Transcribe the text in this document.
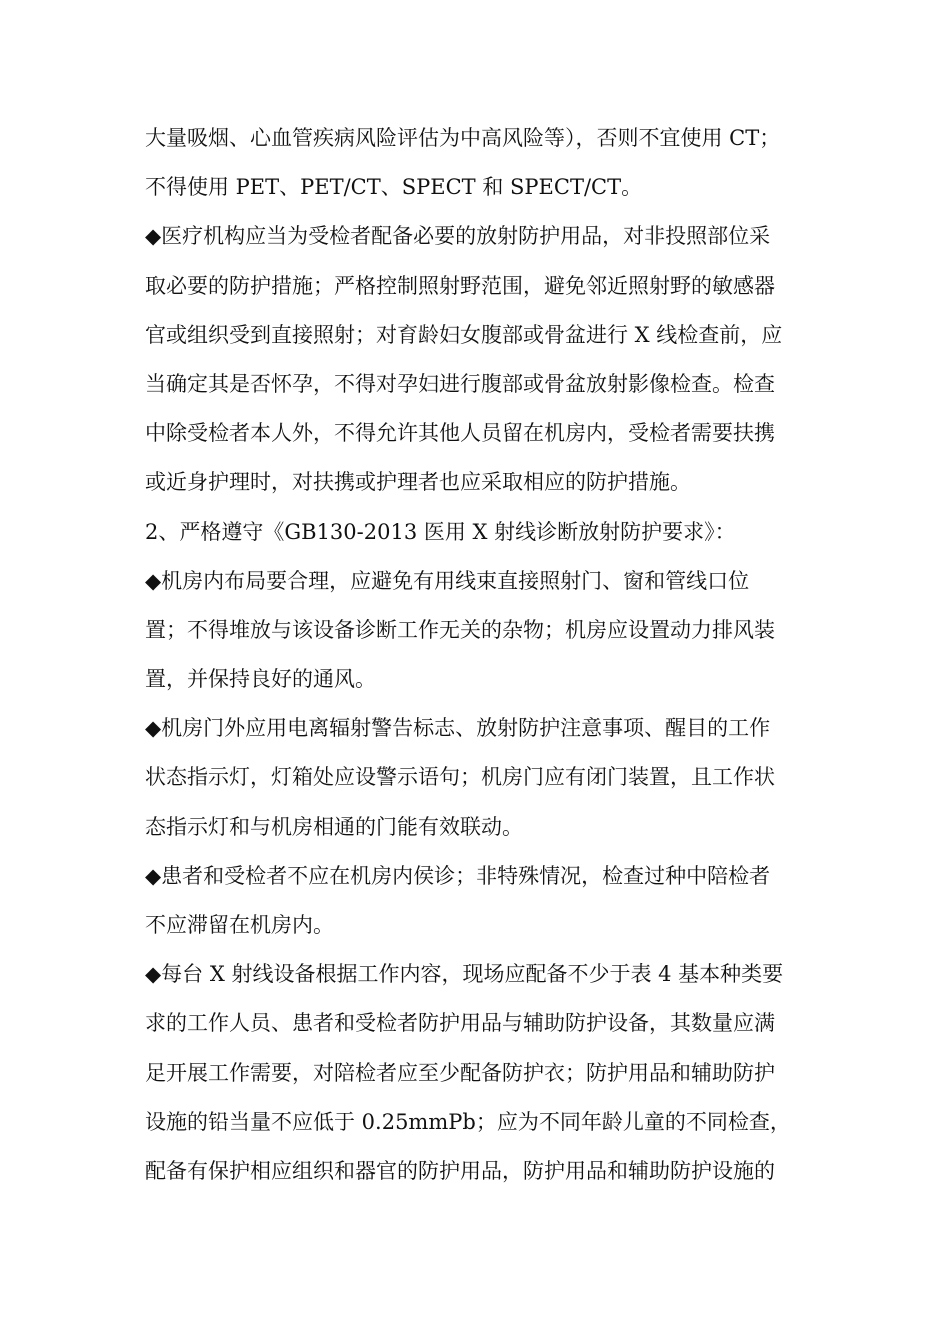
大量吸烟、心血管疾病风险评估为中高风险等），否则不宜使用 CT；
不得使用 PET、PET/CT、SPECT 和 SPECT/CT。
◆医疗机构应当为受检者配备必要的放射防护用品，对非投照部位采
取必要的防护措施；严格控制照射野范围，避免邻近照射野的敏感器
官或组织受到直接照射；对育龄妇女腹部或骨盆进行 X 线检查前，应
当确定其是否怀孕，不得对孕妇进行腹部或骨盆放射影像检查。检查
中除受检者本人外，不得允许其他人员留在机房内，受检者需要扶携
或近身护理时，对扶携或护理者也应采取相应的防护措施。
2、严格遵守《GB130-2013 医用 X 射线诊断放射防护要求》：
◆机房内布局要合理，应避免有用线束直接照射门、窗和管线口位
置；不得堆放与该设备诊断工作无关的杂物；机房应设置动力排风装
置，并保持良好的通风。
◆机房门外应用电离辐射警告标志、放射防护注意事项、醒目的工作
状态指示灯，灯箱处应设警示语句；机房门应有闭门装置，且工作状
态指示灯和与机房相通的门能有效联动。
◆患者和受检者不应在机房内侯诊；非特殊情况，检查过种中陪检者
不应滞留在机房内。
◆每台 X 射线设备根据工作内容，现场应配备不少于表 4 基本种类要
求的工作人员、患者和受检者防护用品与辅助防护设备，其数量应满
足开展工作需要，对陪检者应至少配备防护衣；防护用品和辅助防护
设施的铅当量不应低于 0.25mmPb；应为不同年龄儿童的不同检查，
配备有保护相应组织和器官的防护用品，防护用品和辅助防护设施的
